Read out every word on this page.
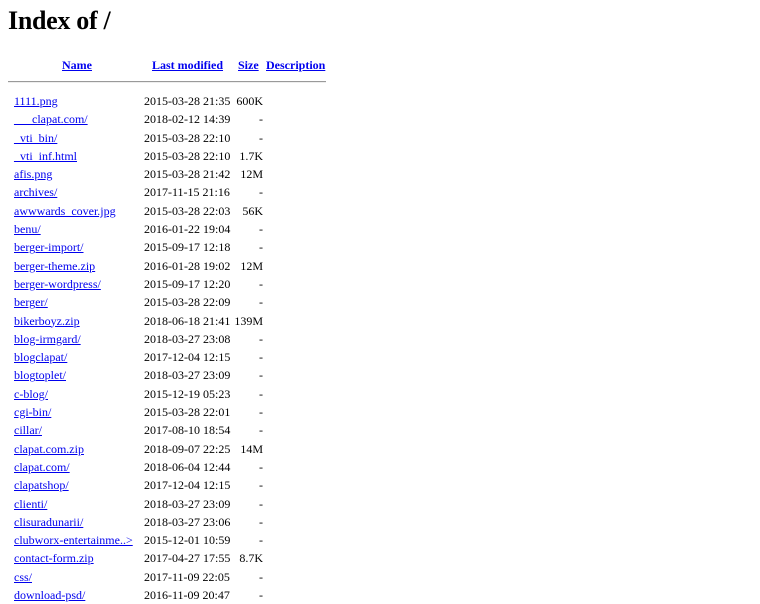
Index of /
Name	Last modified Size Description
1111.png	2015-03-28 21:35 600K
___clapat.com/	2018-02-12 14:39 -
_vti_bin/	2015-03-28 22:10 -
_vti_inf.html	2015-03-28 22:10 1.7K
afis.png	2015-03-28 21:42 12M
archives/	2017-11-15 21:16 -
awwwards_cover.jpg 2015-03-28 22:03 56K
benu/	2016-01-22 19:04 -
berger-import/	2015-09-17 12:18 -
berger-theme.zip	2016-01-28 19:02 12M
berger-wordpress/	2015-09-17 12:20 -
berger/	2015-03-28 22:09 -
bikerboyz.zip	2018-06-18 21:41 139M
blog-irmgard/	2018-03-27 23:08 -
blogclapat/	2017-12-04 12:15 -
blogtoplet/	2018-03-27 23:09 -
c-blog/	2015-12-19 05:23 -
cgi-bin/	2015-03-28 22:01 -
cillar/	2017-08-10 18:54 -
clapat.com.zip	2018-09-07 22:25 14M
clapat.com/	2018-06-04 12:44 -
clapatshop/	2017-12-04 12:15 -
clienti/	2018-03-27 23:09 -
clisuradunarii/	2018-03-27 23:06 -
clubworx-entertainme..> 2015-12-01 10:59 -
contact-form.zip	2017-04-27 17:55 8.7K
css/	2017-11-09 22:05 -
download-psd/	2016-11-09 20:47 -
